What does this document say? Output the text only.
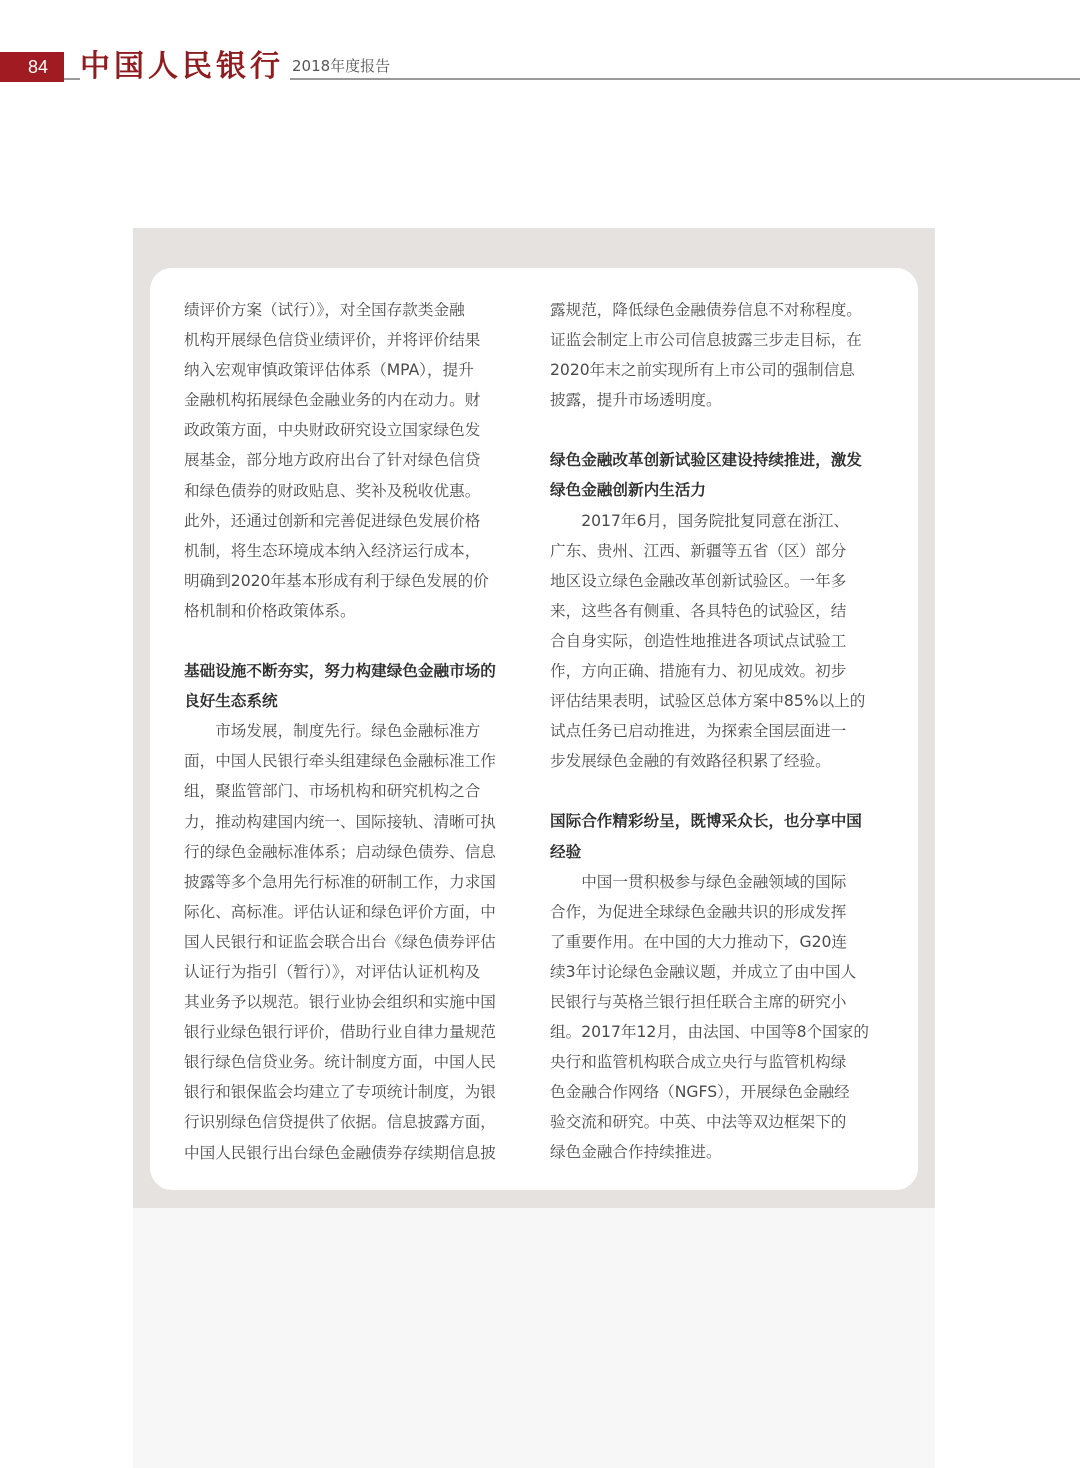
84	中国人民银行 2018年度报告
绩评价方案（试行）》，对全国存款类金融
机构开展绿色信贷业绩评价，并将评价结果
纳入宏观审慎政策评估体系（MPA），提升
金融机构拓展绿色金融业务的内在动力。财
政政策方面，中央财政研究设立国家绿色发
展基金，部分地方政府出台了针对绿色信贷
和绿色债券的财政贴息、奖补及税收优惠。
此外，还通过创新和完善促进绿色发展价格
机制，将生态环境成本纳入经济运行成本，
明确到2020年基本形成有利于绿色发展的价
格机制和价格政策体系。
基础设施不断夯实，努力构建绿色金融市场的
良好生态系统
　　市场发展，制度先行。绿色金融标准方
面，中国人民银行牵头组建绿色金融标准工作
组，聚监管部门、市场机构和研究机构之合
力，推动构建国内统一、国际接轨、清晰可执
行的绿色金融标准体系；启动绿色债券、信息
披露等多个急用先行标准的研制工作，力求国
际化、高标准。评估认证和绿色评价方面，中
国人民银行和证监会联合出台《绿色债券评估
认证行为指引（暂行）》，对评估认证机构及
其业务予以规范。银行业协会组织和实施中国
银行业绿色银行评价，借助行业自律力量规范
银行绿色信贷业务。统计制度方面，中国人民
银行和银保监会均建立了专项统计制度，为银
行识别绿色信贷提供了依据。信息披露方面，
中国人民银行出台绿色金融债券存续期信息披
露规范，降低绿色金融债券信息不对称程度。
证监会制定上市公司信息披露三步走目标，在
2020年末之前实现所有上市公司的强制信息
披露，提升市场透明度。
绿色金融改革创新试验区建设持续推进，激发
绿色金融创新内生活力
　　2017年6月，国务院批复同意在浙江、
广东、贵州、江西、新疆等五省（区）部分
地区设立绿色金融改革创新试验区。一年多
来，这些各有侧重、各具特色的试验区，结
合自身实际，创造性地推进各项试点试验工
作，方向正确、措施有力、初见成效。初步
评估结果表明，试验区总体方案中85%以上的
试点任务已启动推进，为探索全国层面进一
步发展绿色金融的有效路径积累了经验。
国际合作精彩纷呈，既博采众长，也分享中国
经验
　　中国一贯积极参与绿色金融领域的国际
合作，为促进全球绿色金融共识的形成发挥
了重要作用。在中国的大力推动下，G20连
续3年讨论绿色金融议题，并成立了由中国人
民银行与英格兰银行担任联合主席的研究小
组。2017年12月，由法国、中国等8个国家的
央行和监管机构联合成立央行与监管机构绿
色金融合作网络（NGFS），开展绿色金融经
验交流和研究。中英、中法等双边框架下的
绿色金融合作持续推进。
